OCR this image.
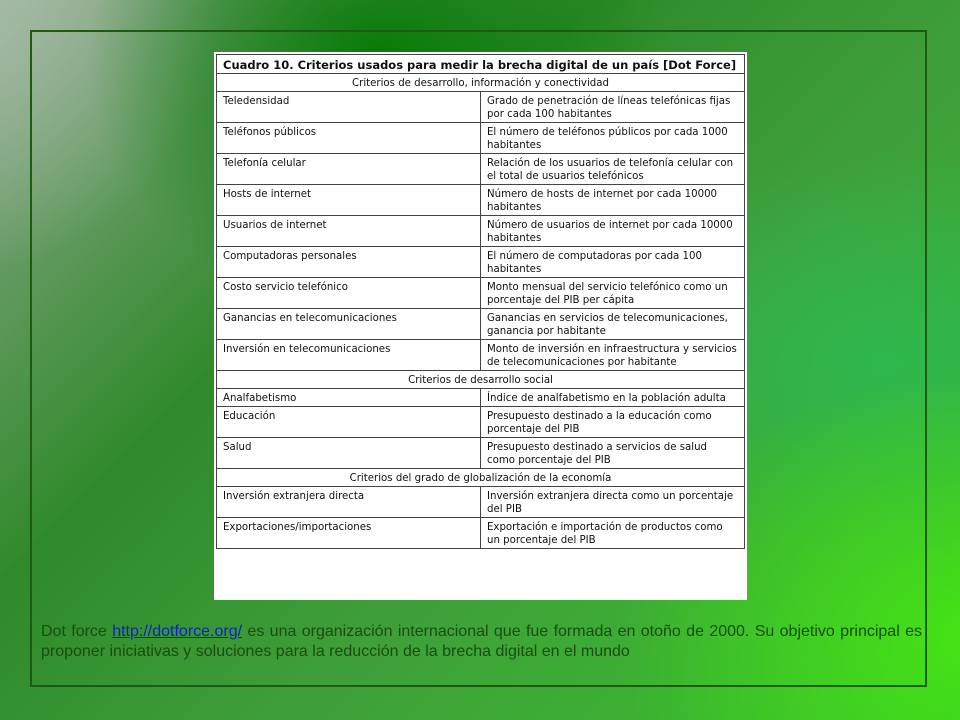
Cuadro 10. Criterios usados para medir la brecha digital de un país [Dot Force]	
Criterios de desarrollo, información y conectividad	
Teledensidad	Grado de penetración de líneas telefónicas fijas por cada 100 habitantes
Teléfonos públicos	El número de teléfonos públicos por cada 1000 habitantes
Telefonía celular	Relación de los usuarios de telefonía celular con el total de usuarios telefónicos
Hosts de internet	Número de hosts de internet por cada 10000 habitantes
Usuarios de internet	Número de usuarios de internet por cada 10000 habitantes
Computadoras personales	El número de computadoras por cada 100 habitantes
Costo servicio telefónico	Monto mensual del servicio telefónico como un porcentaje del PIB per cápita
Ganancias en telecomunicaciones	Ganancias en servicios de telecomunicaciones, ganancia por habitante
Inversión en telecomunicaciones	Monto de inversión en infraestructura y servicios de telecomunicaciones por habitante
Criterios de desarrollo social	
Analfabetismo	Índice de analfabetismo en la población adulta
Educación	Presupuesto destinado a la educación como porcentaje del PIB
Salud	Presupuesto destinado a servicios de salud como porcentaje del PIB
Criterios del grado de globalización de la economía	
Inversión extranjera directa	Inversión extranjera directa como un porcentaje del PIB
Exportaciones/importaciones	Exportación e importación de productos como un porcentaje del PIB
Dot force http://dotforce.org/ es una organización internacional que fue formada en otoño de 2000. Su objetivo principal es proponer iniciativas y soluciones para la reducción de la brecha digital en el mundo
